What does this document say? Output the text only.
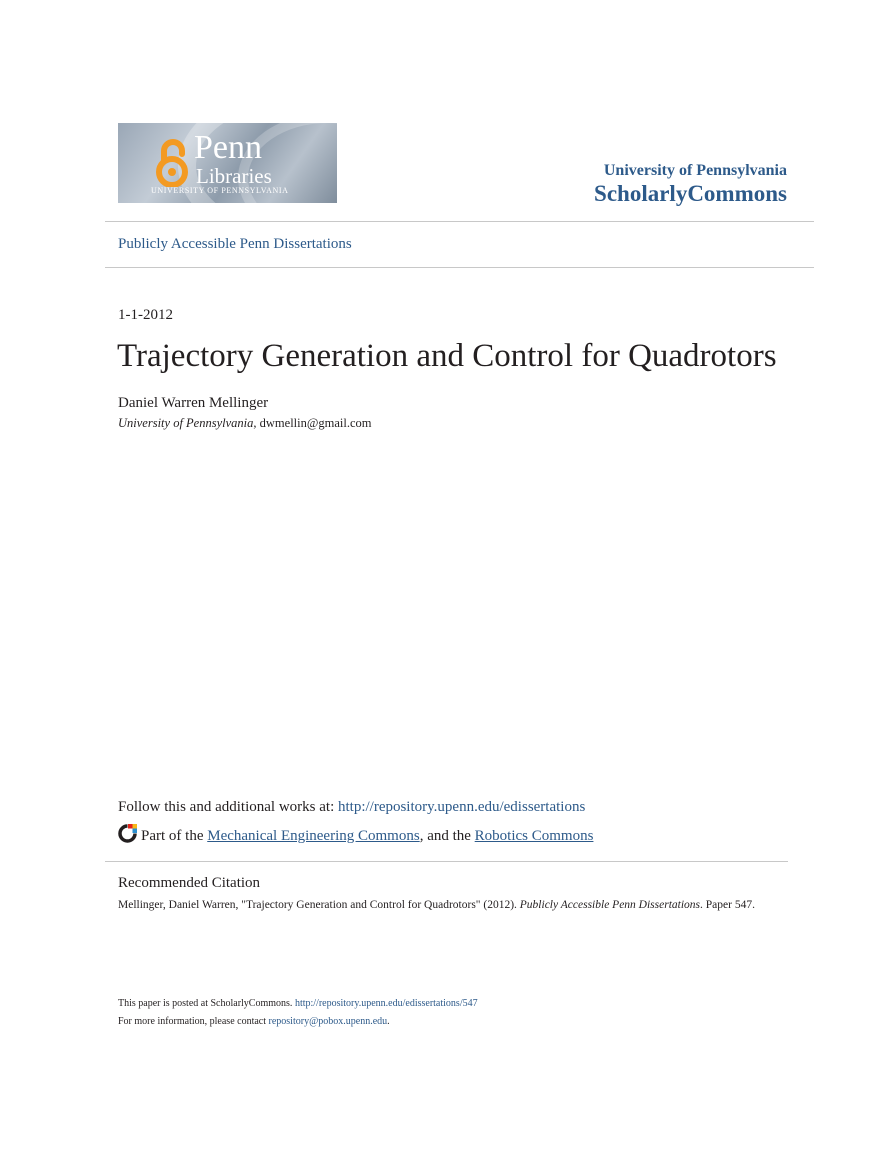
Penn
Libraries
UNIVERSITY OF PENNSYLVANIA
University of Pennsylvania
ScholarlyCommons
Publicly Accessible Penn Dissertations
1-1-2012
Trajectory Generation and Control for Quadrotors
Daniel Warren Mellinger
University of Pennsylvania, dwmellin@gmail.com
Follow this and additional works at: http://repository.upenn.edu/edissertations
Part of the Mechanical Engineering Commons, and the Robotics Commons
Recommended Citation
Mellinger, Daniel Warren, "Trajectory Generation and Control for Quadrotors" (2012). Publicly Accessible Penn Dissertations. Paper 547.
This paper is posted at ScholarlyCommons. http://repository.upenn.edu/edissertations/547
For more information, please contact repository@pobox.upenn.edu.
